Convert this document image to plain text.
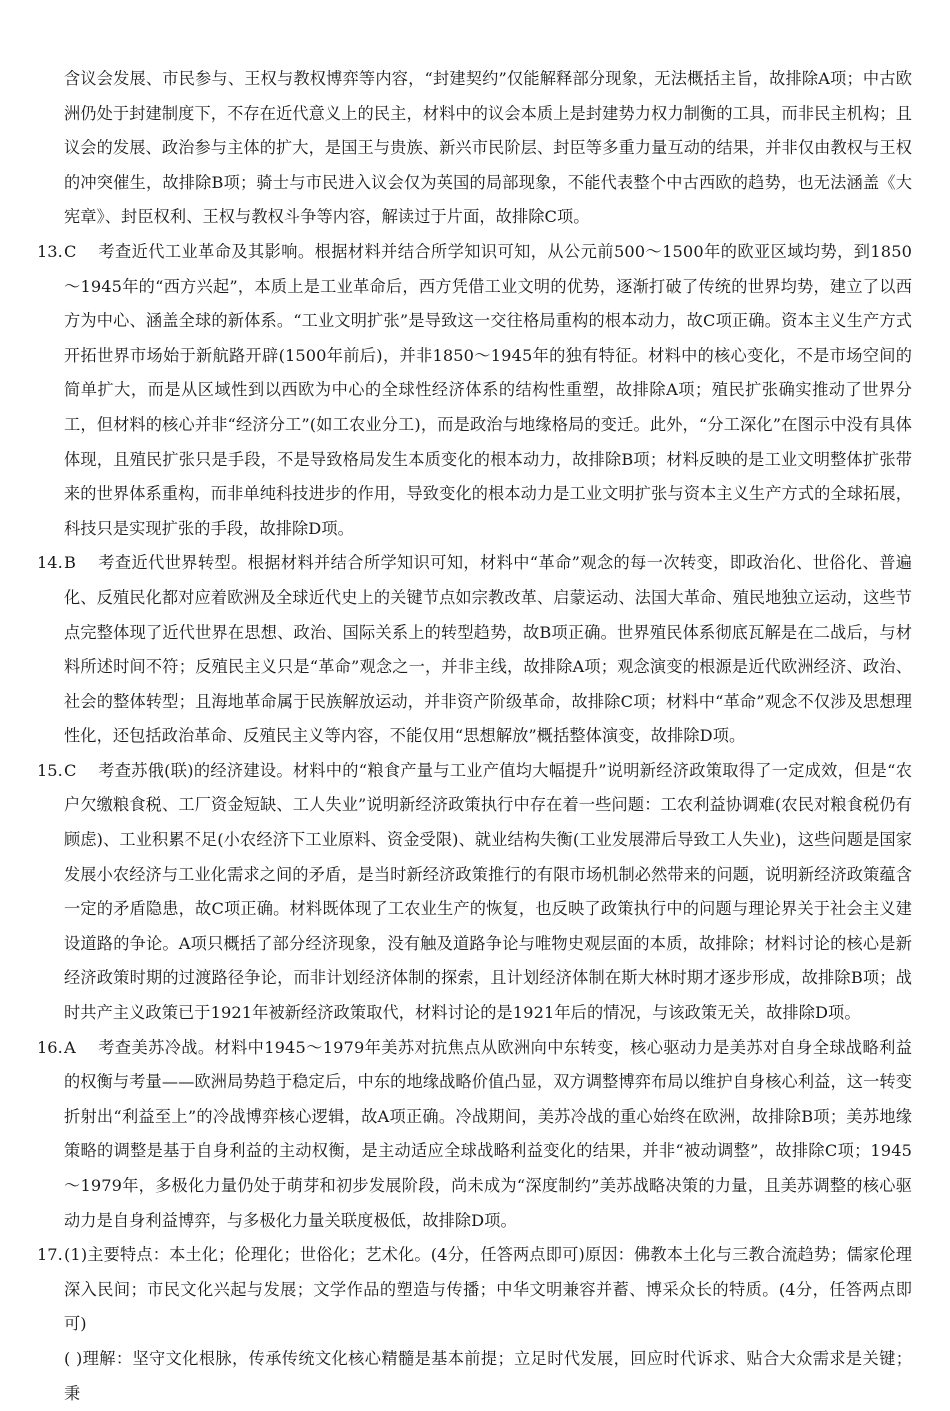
含议会发展、市民参与、王权与教权博弈等内容，“封建契约”仅能解释部分现象，无法概括主旨，故排除A项；中古欧洲仍处于封建制度下，不存在近代意义上的民主，材料中的议会本质上是封建势力权力制衡的工具，而非民主机构；且议会的发展、政治参与主体的扩大，是国王与贵族、新兴市民阶层、封臣等多重力量互动的结果，并非仅由教权与王权的冲突催生，故排除B项；骑士与市民进入议会仅为英国的局部现象，不能代表整个中古西欧的趋势，也无法涵盖《大宪章》、封臣权利、王权与教权斗争等内容，解读过于片面，故排除C项。

13. C 考查近代工业革命及其影响。根据材料并结合所学知识可知，从公元前500～1500年的欧亚区域均势，到1850～1945年的“西方兴起”，本质上是工业革命后，西方凭借工业文明的优势，逐渐打破了传统的世界均势，建立了以西方为中心、涵盖全球的新体系。“工业文明扩张”是导致这一交往格局重构的根本动力，故C项正确。资本主义生产方式开拓世界市场始于新航路开辟(1500年前后)，并非1850～1945年的独有特征。材料中的核心变化，不是市场空间的简单扩大，而是从区域性到以西欧为中心的全球性经济体系的结构性重塑，故排除A项；殖民扩张确实推动了世界分工，但材料的核心并非“经济分工”(如工农业分工)，而是政治与地缘格局的变迁。此外，“分工深化”在图示中没有具体体现，且殖民扩张只是手段，不是导致格局发生本质变化的根本动力，故排除B项；材料反映的是工业文明整体扩张带来的世界体系重构，而非单纯科技进步的作用，导致变化的根本动力是工业文明扩张与资本主义生产方式的全球拓展，科技只是实现扩张的手段，故排除D项。

14. B 考查近代世界转型。根据材料并结合所学知识可知，材料中“革命”观念的每一次转变，即政治化、世俗化、普遍化、反殖民化都对应着欧洲及全球近代史上的关键节点如宗教改革、启蒙运动、法国大革命、殖民地独立运动，这些节点完整体现了近代世界在思想、政治、国际关系上的转型趋势，故B项正确。世界殖民体系彻底瓦解是在二战后，与材料所述时间不符；反殖民主义只是“革命”观念之一，并非主线，故排除A项；观念演变的根源是近代欧洲经济、政治、社会的整体转型；且海地革命属于民族解放运动，并非资产阶级革命，故排除C项；材料中“革命”观念不仅涉及思想理性化，还包括政治革命、反殖民主义等内容，不能仅用“思想解放”概括整体演变，故排除D项。

15. C 考查苏俄(联)的经济建设。材料中的“粮食产量与工业产值均大幅提升”说明新经济政策取得了一定成效，但是“农户欠缴粮食税、工厂资金短缺、工人失业”说明新经济政策执行中存在着一些问题：工农利益协调难(农民对粮食税仍有顾虑)、工业积累不足(小农经济下工业原料、资金受限)、就业结构失衡(工业发展滞后导致工人失业)，这些问题是国家发展小农经济与工业化需求之间的矛盾，是当时新经济政策推行的有限市场机制必然带来的问题，说明新经济政策蕴含一定的矛盾隐患，故C项正确。材料既体现了工农业生产的恢复，也反映了政策执行中的问题与理论界关于社会主义建设道路的争论。A项只概括了部分经济现象，没有触及道路争论与唯物史观层面的本质，故排除；材料讨论的核心是新经济政策时期的过渡路径争论，而非计划经济体制的探索，且计划经济体制在斯大林时期才逐步形成，故排除B项；战时共产主义政策已于1921年被新经济政策取代，材料讨论的是1921年后的情况，与该政策无关，故排除D项。

16. A 考查美苏冷战。材料中1945～1979年美苏对抗焦点从欧洲向中东转变，核心驱动力是美苏对自身全球战略利益的权衡与考量——欧洲局势趋于稳定后，中东的地缘战略价值凸显，双方调整博弈布局以维护自身核心利益，这一转变折射出“利益至上”的冷战博弈核心逻辑，故A项正确。冷战期间，美苏冷战的重心始终在欧洲，故排除B项；美苏地缘策略的调整是基于自身利益的主动权衡，是主动适应全球战略利益变化的结果，并非“被动调整”，故排除C项；1945～1979年，多极化力量仍处于萌芽和初步发展阶段，尚未成为“深度制约”美苏战略决策的力量，且美苏调整的核心驱动力是自身利益博弈，与多极化力量关联度极低，故排除D项。

17. (1)主要特点：本土化；伦理化；世俗化；艺术化。(4分，任答两点即可)原因：佛教本土化与三教合流趋势；儒家伦理深入民间；市民文化兴起与发展；文学作品的塑造与传播；中华文明兼容并蓄、博采众长的特质。(4分，任答两点即可)

( )理解：坚守文化根脉，传承传统文化核心精髓是基本前提；立足时代发展，回应时代诉求、贴合大众需求是关键；秉
